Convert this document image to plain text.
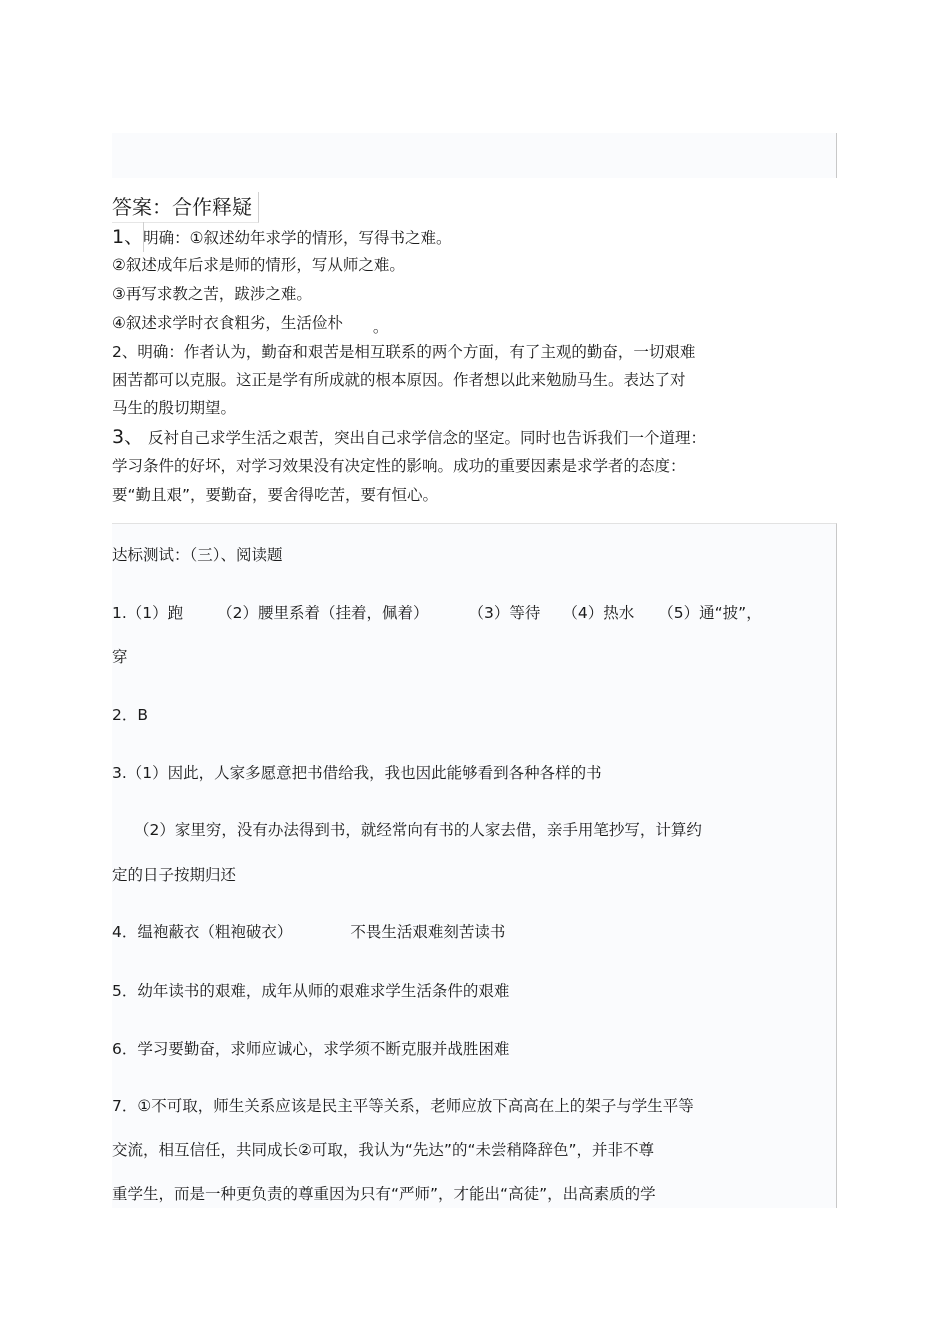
答案：合作释疑
1、明确：①叙述幼年求学的情形，写得书之难。
②叙述成年后求是师的情形，写从师之难。
③再写求教之苦，跋涉之难。
④叙述求学时衣食粗劣，生活俭朴 。
2、明确：作者认为，勤奋和艰苦是相互联系的两个方面，有了主观的勤奋，一切艰难
困苦都可以克服。这正是学有所成就的根本原因。作者想以此来勉励马生。表达了对
马生的殷切期望。
3、 反衬自己求学生活之艰苦，突出自己求学信念的坚定。同时也告诉我们一个道理：
学习条件的好坏，对学习效果没有决定性的影响。成功的重要因素是求学者的态度：
要“勤且艰”，要勤奋，要舍得吃苦，要有恒心。
达标测试：（三）、阅读题
1.（1）跑 （2）腰里系着（挂着，佩着）	（3）等待 （4）热水 （5）通“披”，
穿
2．B
3.（1）因此，人家多愿意把书借给我，我也因此能够看到各种各样的书
（2）家里穷，没有办法得到书，就经常向有书的人家去借，亲手用笔抄写，计算约
定的日子按期归还
4．缊袍蔽衣（粗袍破衣）	不畏生活艰难刻苦读书
5．幼年读书的艰难，成年从师的艰难求学生活条件的艰难
6．学习要勤奋，求师应诚心，求学须不断克服并战胜困难
7．①不可取，师生关系应该是民主平等关系，老师应放下高高在上的架子与学生平等
交流，相互信任，共同成长②可取，我认为“先达”的“未尝稍降辞色”，并非不尊
重学生，而是一种更负责的尊重因为只有“严师”，才能出“高徒”，出高素质的学
